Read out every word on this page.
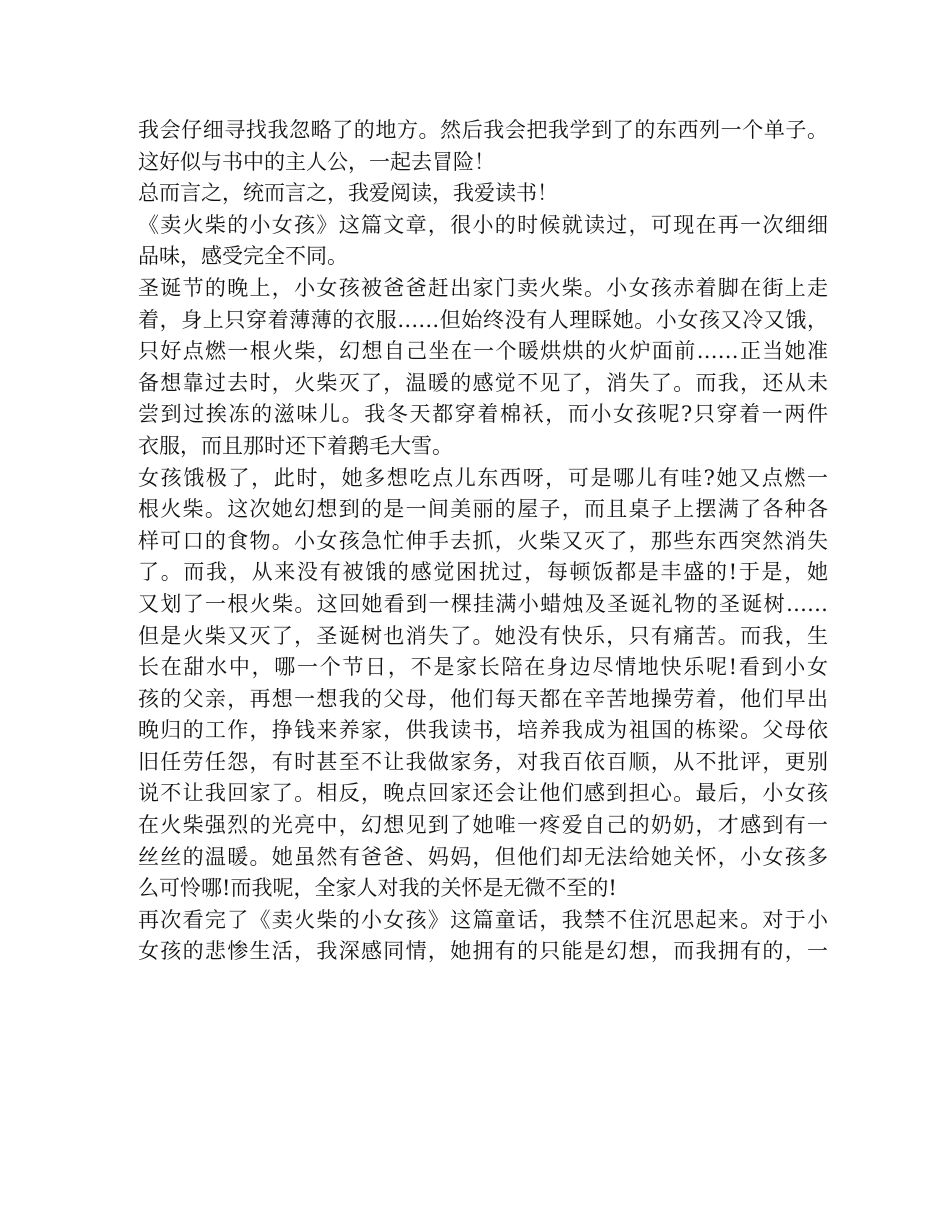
我会仔细寻找我忽略了的地方。然后我会把我学到了的东西列一个单子。
这好似与书中的主人公，一起去冒险！
总而言之，统而言之，我爱阅读，我爱读书！
《卖火柴的小女孩》这篇文章，很小的时候就读过，可现在再一次细细
品味，感受完全不同。
圣诞节的晚上，小女孩被爸爸赶出家门卖火柴。小女孩赤着脚在街上走
着，身上只穿着薄薄的衣服……但始终没有人理睬她。小女孩又冷又饿，
只好点燃一根火柴，幻想自己坐在一个暖烘烘的火炉面前……正当她准
备想靠过去时，火柴灭了，温暖的感觉不见了，消失了。而我，还从未
尝到过挨冻的滋味儿。我冬天都穿着棉袄，而小女孩呢?只穿着一两件
衣服，而且那时还下着鹅毛大雪。
女孩饿极了，此时，她多想吃点儿东西呀，可是哪儿有哇?她又点燃一
根火柴。这次她幻想到的是一间美丽的屋子，而且桌子上摆满了各种各
样可口的食物。小女孩急忙伸手去抓，火柴又灭了，那些东西突然消失
了。而我，从来没有被饿的感觉困扰过，每顿饭都是丰盛的!于是，她
又划了一根火柴。这回她看到一棵挂满小蜡烛及圣诞礼物的圣诞树……
但是火柴又灭了，圣诞树也消失了。她没有快乐，只有痛苦。而我，生
长在甜水中，哪一个节日，不是家长陪在身边尽情地快乐呢!看到小女
孩的父亲，再想一想我的父母，他们每天都在辛苦地操劳着，他们早出
晚归的工作，挣钱来养家，供我读书，培养我成为祖国的栋梁。父母依
旧任劳任怨，有时甚至不让我做家务，对我百依百顺，从不批评，更别
说不让我回家了。相反，晚点回家还会让他们感到担心。最后，小女孩
在火柴强烈的光亮中，幻想见到了她唯一疼爱自己的奶奶，才感到有一
丝丝的温暖。她虽然有爸爸、妈妈，但他们却无法给她关怀，小女孩多
么可怜哪!而我呢，全家人对我的关怀是无微不至的!
再次看完了《卖火柴的小女孩》这篇童话，我禁不住沉思起来。对于小
女孩的悲惨生活，我深感同情，她拥有的只能是幻想，而我拥有的，一
